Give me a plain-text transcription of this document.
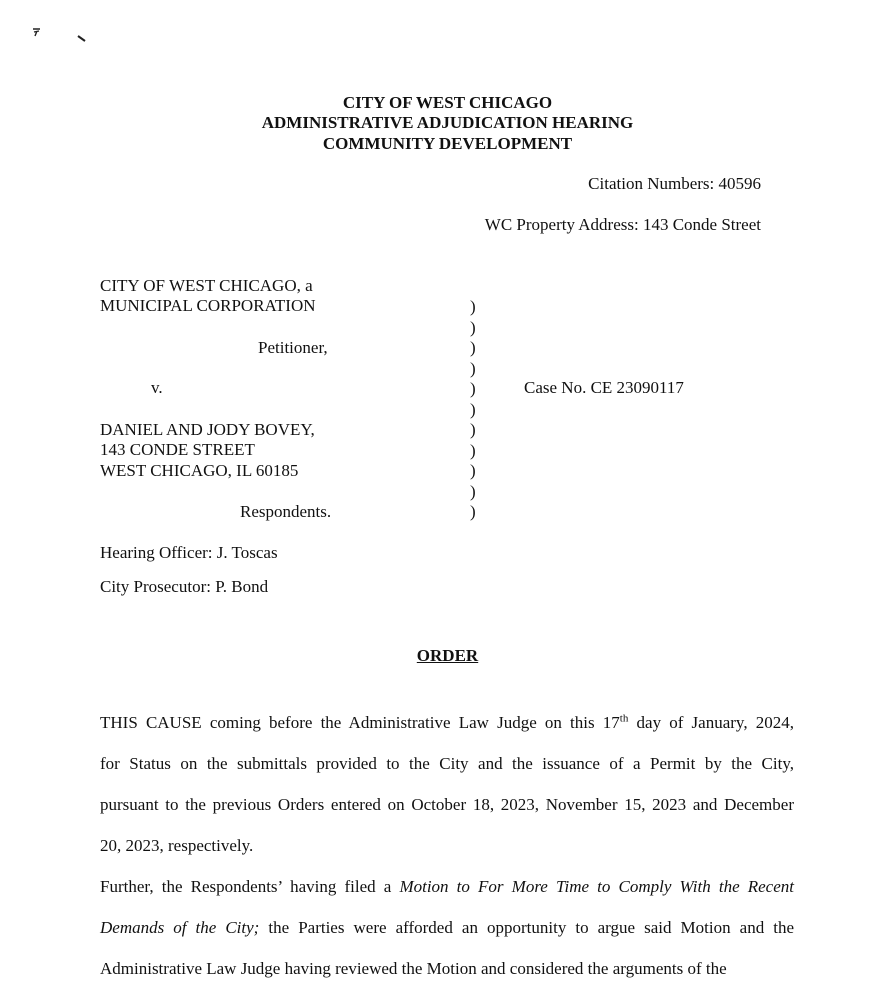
CITY OF WEST CHICAGO
ADMINISTRATIVE ADJUDICATION HEARING
COMMUNITY DEVELOPMENT
Citation Numbers: 40596
WC Property Address: 143 Conde Street
CITY OF WEST CHICAGO, a
MUNICIPAL CORPORATION
Petitioner,
v.
DANIEL AND JODY BOVEY,
143 CONDE STREET
WEST CHICAGO, IL 60185
Respondents.
)
)
)
)
)
)
)
)
)
)
)
Case No. CE 23090117
Hearing Officer: J. Toscas
City Prosecutor: P. Bond
ORDER
THIS CAUSE coming before the Administrative Law Judge on this 17th day of January, 2024,
for Status on the submittals provided to the City and the issuance of a Permit by the City,
pursuant to the previous Orders entered on October 18, 2023, November 15, 2023 and December
20, 2023, respectively.
Further, the Respondents’ having filed a Motion to For More Time to Comply With the Recent
Demands of the City; the Parties were afforded an opportunity to argue said Motion and the
Administrative Law Judge having reviewed the Motion and considered the arguments of the
